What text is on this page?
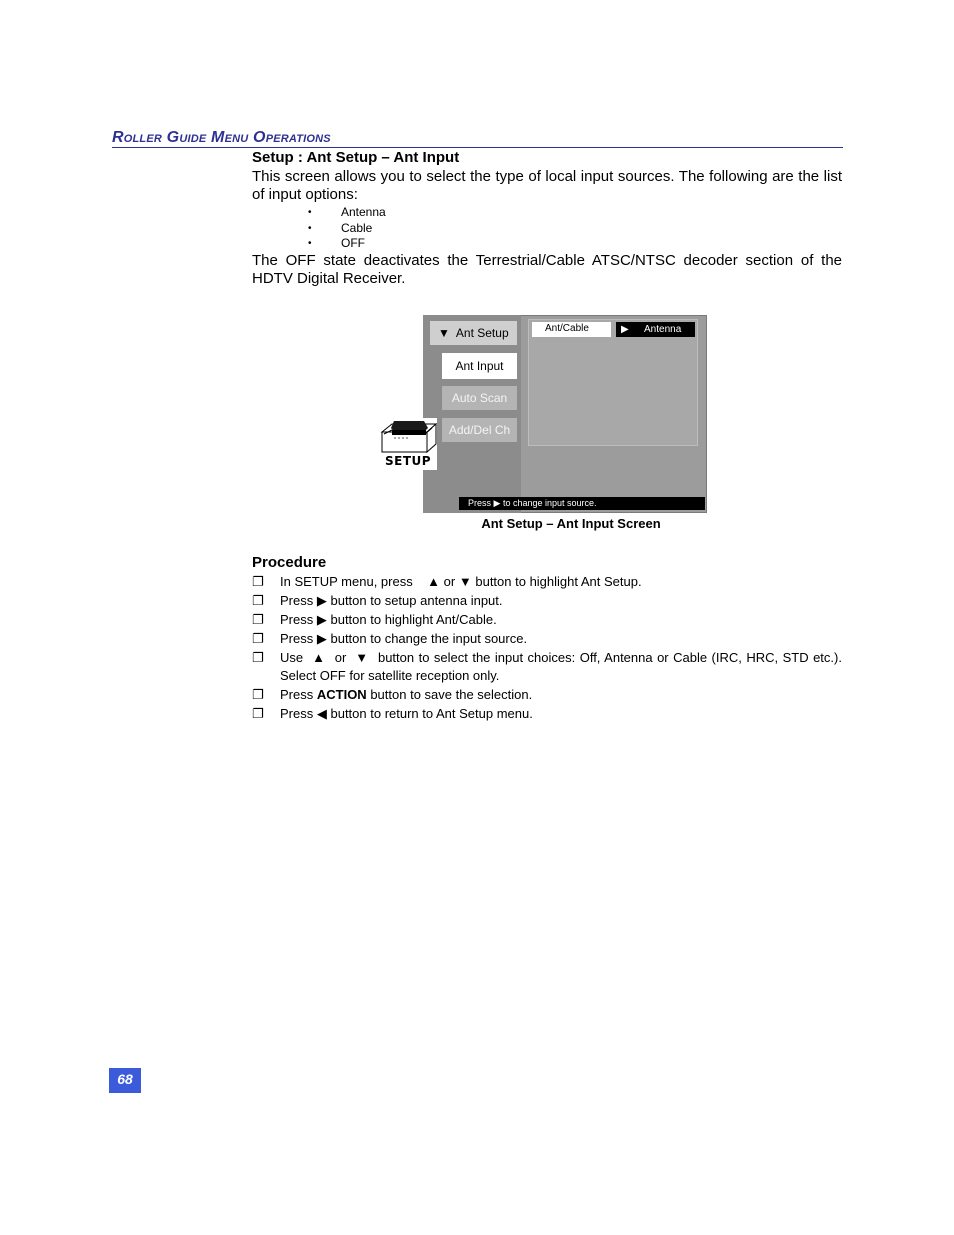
Roller Guide Menu Operations
Setup : Ant Setup – Ant Input
This screen allows you to select the type of local input sources. The following are the list of input options:
• Antenna
• Cable
• OFF
The OFF state deactivates the Terrestrial/Cable ATSC/NTSC decoder section of the HDTV Digital Receiver.
▼ Ant Setup
Ant Input
Auto Scan
Add/Del Ch
Ant/Cable	▶ Antenna
Press ▶ to change input source.
SETUP
Ant Setup – Ant Input Screen
Procedure
❐ In SETUP menu, press ▲ or ▼ button to highlight Ant Setup.
❐ Press ▶ button to setup antenna input.
❐ Press ▶ button to highlight Ant/Cable.
❐ Press ▶ button to change the input source.
❐ Use ▲ or ▼ button to select the input choices: Off, Antenna or Cable (IRC, HRC, STD etc.). Select OFF for satellite reception only.
❐ Press ACTION button to save the selection.
❐ Press ◀ button to return to Ant Setup menu.
68
